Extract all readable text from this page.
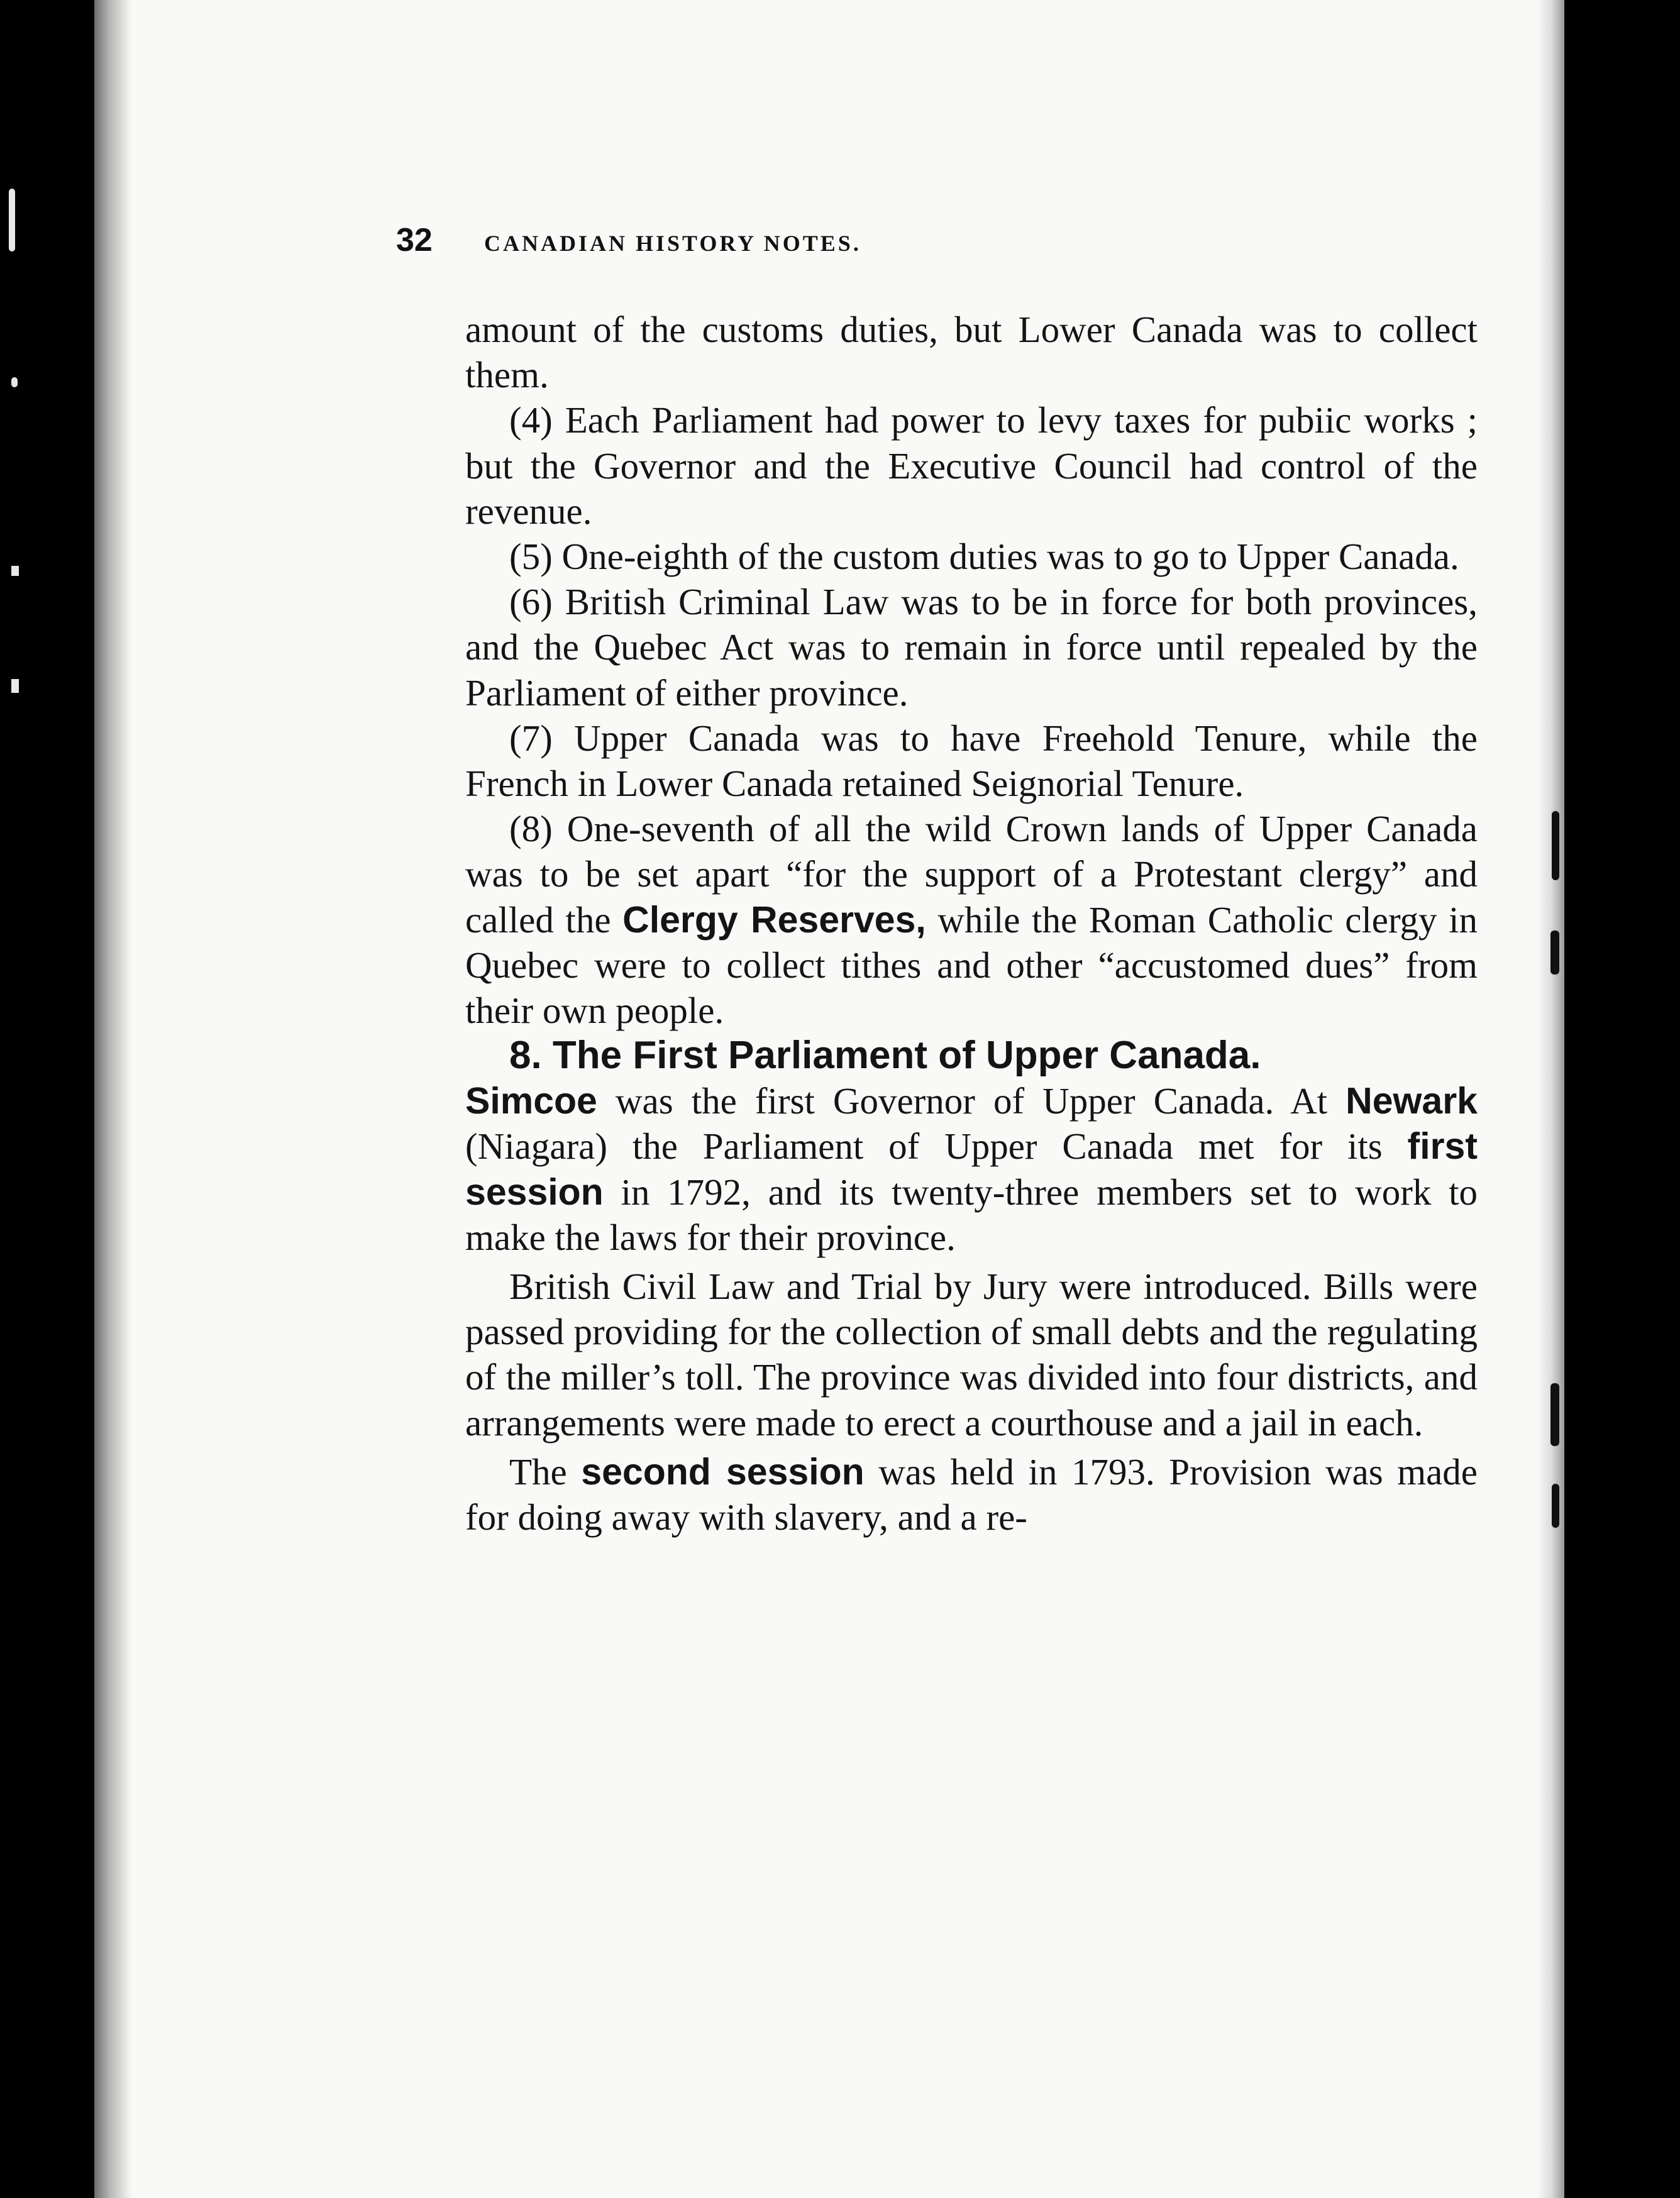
32 CANADIAN HISTORY NOTES.

amount of the customs duties, but Lower Canada was to collect them.

(4) Each Parliament had power to levy taxes for pubiic works ; but the Governor and the Executive Council had control of the revenue.

(5) One-eighth of the custom duties was to go to Upper Canada.

(6) British Criminal Law was to be in force for both provinces, and the Quebec Act was to remain in force until repealed by the Parliament of either province.

(7) Upper Canada was to have Freehold Tenure, while the French in Lower Canada retained Seignorial Tenure.

(8) One-seventh of all the wild Crown lands of Upper Canada was to be set apart “for the support of a Protestant clergy” and called the Clergy Reserves, while the Roman Catholic clergy in Quebec were to collect tithes and other “accustomed dues” from their own people.

8. The First Parliament of Upper Canada.

Simcoe was the first Governor of Upper Canada. At Newark (Niagara) the Parliament of Upper Canada met for its first session in 1792, and its twenty-three members set to work to make the laws for their province.

British Civil Law and Trial by Jury were introduced. Bills were passed providing for the collection of small debts and the regulating of the miller’s toll. The province was divided into four districts, and arrangements were made to erect a courthouse and a jail in each.

The second session was held in 1793. Provision was made for doing away with slavery, and a re-
